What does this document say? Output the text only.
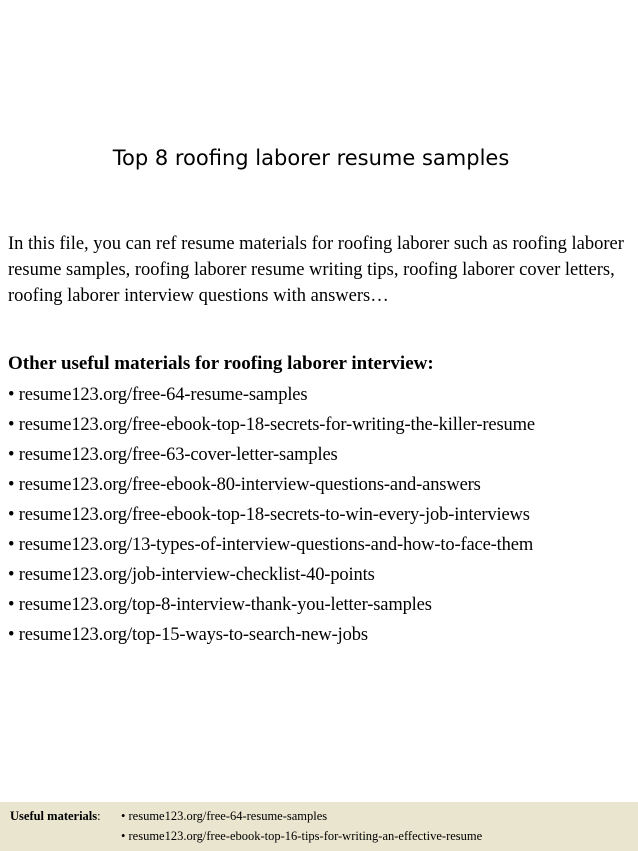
Top 8 roofing laborer resume samples

In this file, you can ref resume materials for roofing laborer such as roofing laborer resume samples, roofing laborer resume writing tips, roofing laborer cover letters, roofing laborer interview questions with answers…

Other useful materials for roofing laborer interview:

• resume123.org/free-64-resume-samples
• resume123.org/free-ebook-top-18-secrets-for-writing-the-killer-resume
• resume123.org/free-63-cover-letter-samples
• resume123.org/free-ebook-80-interview-questions-and-answers
• resume123.org/free-ebook-top-18-secrets-to-win-every-job-interviews
• resume123.org/13-types-of-interview-questions-and-how-to-face-them
• resume123.org/job-interview-checklist-40-points
• resume123.org/top-8-interview-thank-you-letter-samples
• resume123.org/top-15-ways-to-search-new-jobs
Useful materials: • resume123.org/free-64-resume-samples
• resume123.org/free-ebook-top-16-tips-for-writing-an-effective-resume
